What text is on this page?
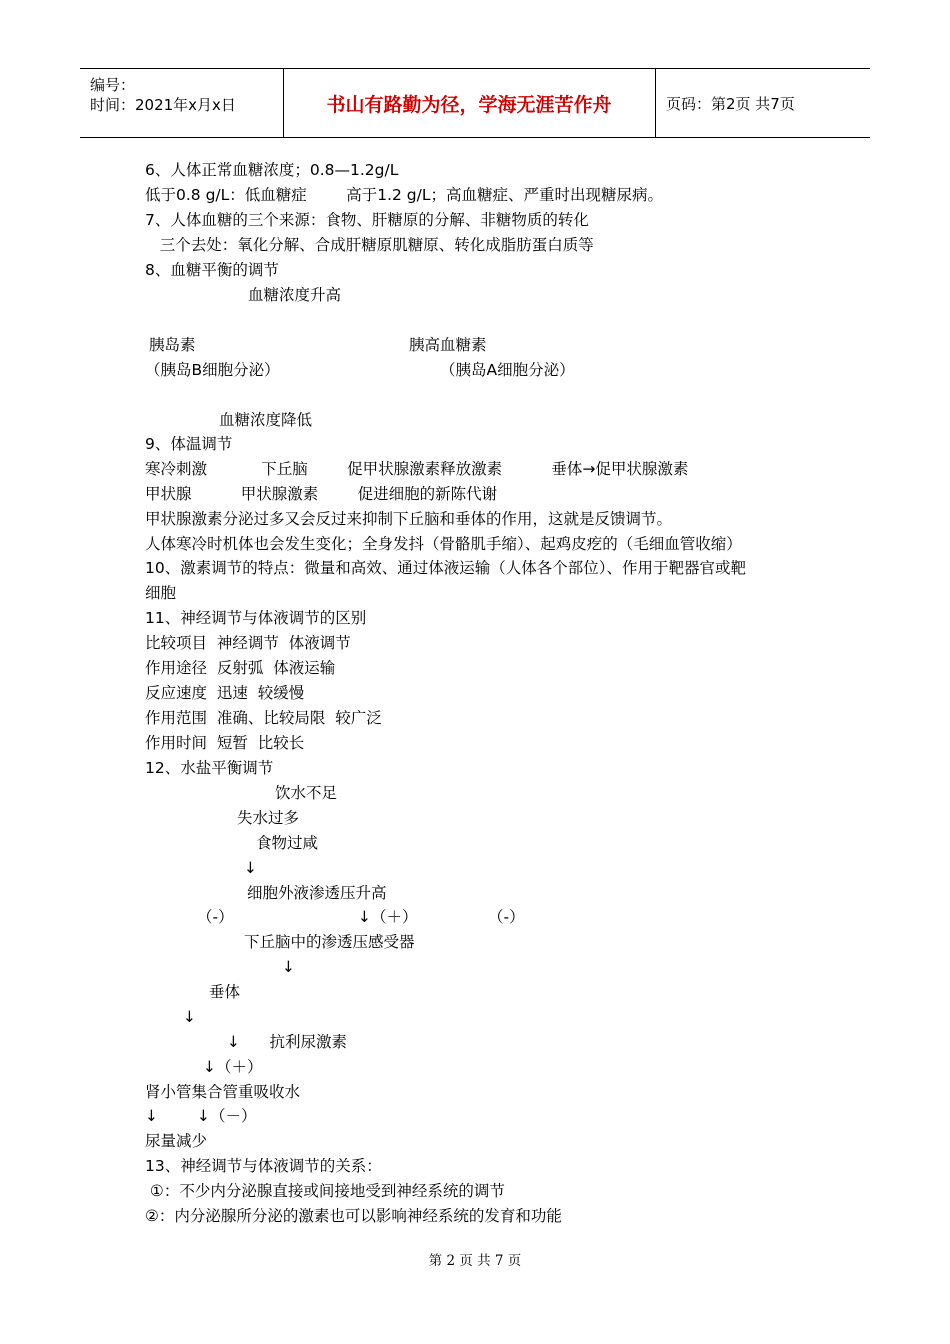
编号：
时间：2021年x月x日	书山有路勤为径，学海无涯苦作舟	页码：第2页 共7页
6、人体正常血糖浓度；0.8—1.2g/L
低于0.8 g/L：低血糖症        高于1.2 g/L；高血糖症、严重时出现糖尿病。
7、人体血糖的三个来源：食物、肝糖原的分解、非糖物质的转化
三个去处：氧化分解、合成肝糖原肌糖原、转化成脂肪蛋白质等
8、血糖平衡的调节
血糖浓度升高
胰岛素	胰高血糖素
（胰岛B细胞分泌）	（胰岛A细胞分泌）
血糖浓度降低
9、体温调节
寒冷刺激           下丘脑        促甲状腺激素释放激素          垂体→促甲状腺激素
甲状腺          甲状腺激素        促进细胞的新陈代谢
甲状腺激素分泌过多又会反过来抑制下丘脑和垂体的作用，这就是反馈调节。
人体寒冷时机体也会发生变化；全身发抖（骨骼肌手缩）、起鸡皮疙的（毛细血管收缩）
10、激素调节的特点：微量和高效、通过体液运输（人体各个部位）、作用于靶器官或靶
细胞
11、神经调节与体液调节的区别
比较项目  神经调节  体液调节
作用途径  反射弧  体液运输
反应速度  迅速  较缓慢
作用范围  准确、比较局限  较广泛
作用时间  短暂  比较长
12、水盐平衡调节
饮水不足
失水过多
食物过咸
↓
细胞外液渗透压升高
（-）	↓（＋）	（-）
下丘脑中的渗透压感受器
↓
垂体
↓
↓      抗利尿激素
↓（＋）
肾小管集合管重吸收水
↓	↓（－）
尿量减少
13、神经调节与体液调节的关系：
①：不少内分泌腺直接或间接地受到神经系统的调节
②：内分泌腺所分泌的激素也可以影响神经系统的发育和功能
第 2 页 共 7 页
